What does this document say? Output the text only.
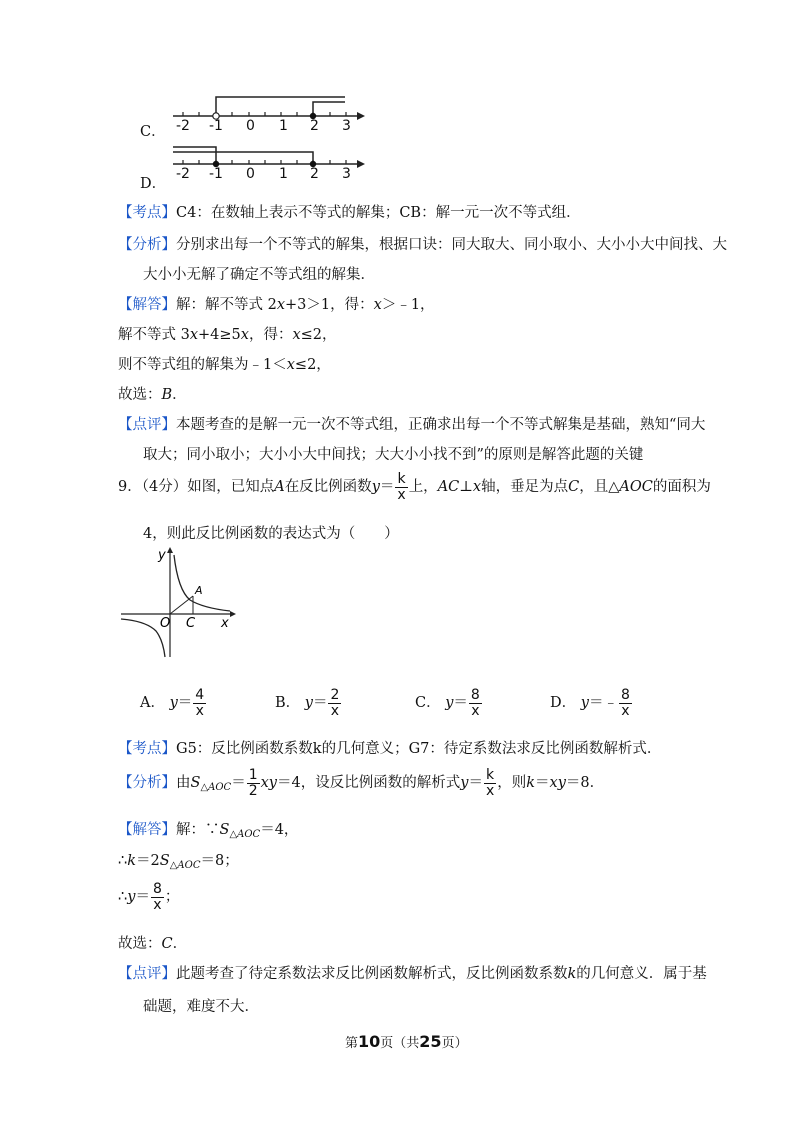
C． -2 -1 0 1 2 3
D．
-2 -1 0 1 2 3
【考点】C4：在数轴上表示不等式的解集；CB：解一元一次不等式组．
【分析】分别求出每一个不等式的解集，根据口诀：同大取大、同小取小、大小小大中间找、大
大小小无解了确定不等式组的解集．
【解答】解：解不等式 2x+3＞1，得：x＞﹣1，
解不等式 3x+4≥5x，得：x≤2，
则不等式组的解集为﹣1＜x≤2，
故选：B．
【点评】本题考查的是解一元一次不等式组，正确求出每一个不等式解集是基础，熟知“同大
取大；同小取小；大小小大中间找；大大小小找不到”的原则是解答此题的关键
9．（4分）如图，已知点A在反比例函数$y= \frac{k}{x}$ 上，AC⊥x轴，垂足为点C，且△AOC的面积为
4，则此反比例函数的表达式为（　　）
y
A
O C x
A． $y= \frac{4}{x}$	B． $y= \frac{2}{x}$	C． $y= \frac{8}{x}$	D． y＝﹣ $\frac{8}{x}$
【考点】G5：反比例函数系数k的几何意义；G7：待定系数法求反比例函数解析式．
【分析】由$S_{\triangle AOC}= \frac{1}{2} xy=4$，设反比例函数的解析式$y= \frac{k}{x}$ ，则k＝xy＝8．
【解答】解：$\because S_{\triangle AOC}=4$，
$\therefore k=2S_{\triangle AOC}=8$；
∴y＝ $\frac{8}{x}$ ；
故选：C．
【点评】此题考查了待定系数法求反比例函数解析式，反比例函数系数k的几何意义．属于基
础题，难度不大．
第10页（共25页）
